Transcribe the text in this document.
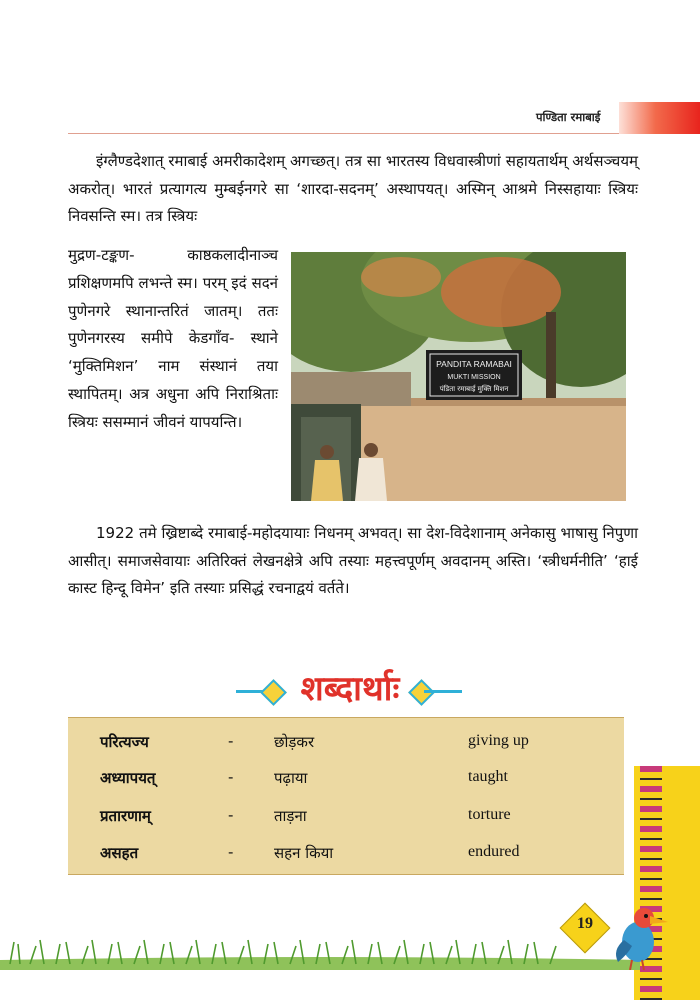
पण्डिता रमाबाई

इंग्लैण्डदेशात् रमाबाई अमरीकादेशम् अगच्छत्। तत्र सा भारतस्य विधवास्त्रीणां सहायतार्थम् अर्थसञ्चयम् अकरोत्। भारतं प्रत्यागत्य मुम्बईनगरे सा ‘शारदा-सदनम्’ अस्थापयत्। अस्मिन् आश्रमे निस्सहायाः स्त्रियः निवसन्ति स्म। तत्र स्त्रियः

मुद्रण-टङ्कण- काष्ठकलादीनाञ्च प्रशिक्षणमपि लभन्ते स्म। परम् इदं सदनं पुणेनगरे स्थानान्तरितं जातम्। ततः पुणेनगरस्य समीपे केडगाँव- स्थाने ‘मुक्तिमिशन’ नाम संस्थानं तया स्थापितम्। अत्र अधुना अपि निराश्रिताः स्त्रियः ससम्मानं जीवनं यापयन्ति।
PANDITA RAMABAI
MUKTI MISSION
पंडिता रमाबाई मुक्ति मिशन

1922 तमे ख्रिष्टाब्दे रमाबाई-महोदयायाः निधनम् अभवत्। सा देश-विदेशानाम् अनेकासु भाषासु निपुणा आसीत्। समाजसेवायाः अतिरिक्तं लेखनक्षेत्रे अपि तस्याः महत्त्वपूर्णम् अवदानम् अस्ति। ‘स्त्रीधर्मनीति’ ‘हाई कास्ट हिन्दू विमेन’ इति तस्याः प्रसिद्धं रचनाद्वयं वर्तते।

शब्दार्थाः
परित्यज्य	-	छोड़कर	giving up
अध्यापयत्	-	पढ़ाया	taught
प्रतारणाम्	-	ताड़ना	torture
असहत	-	सहन किया	endured
19
